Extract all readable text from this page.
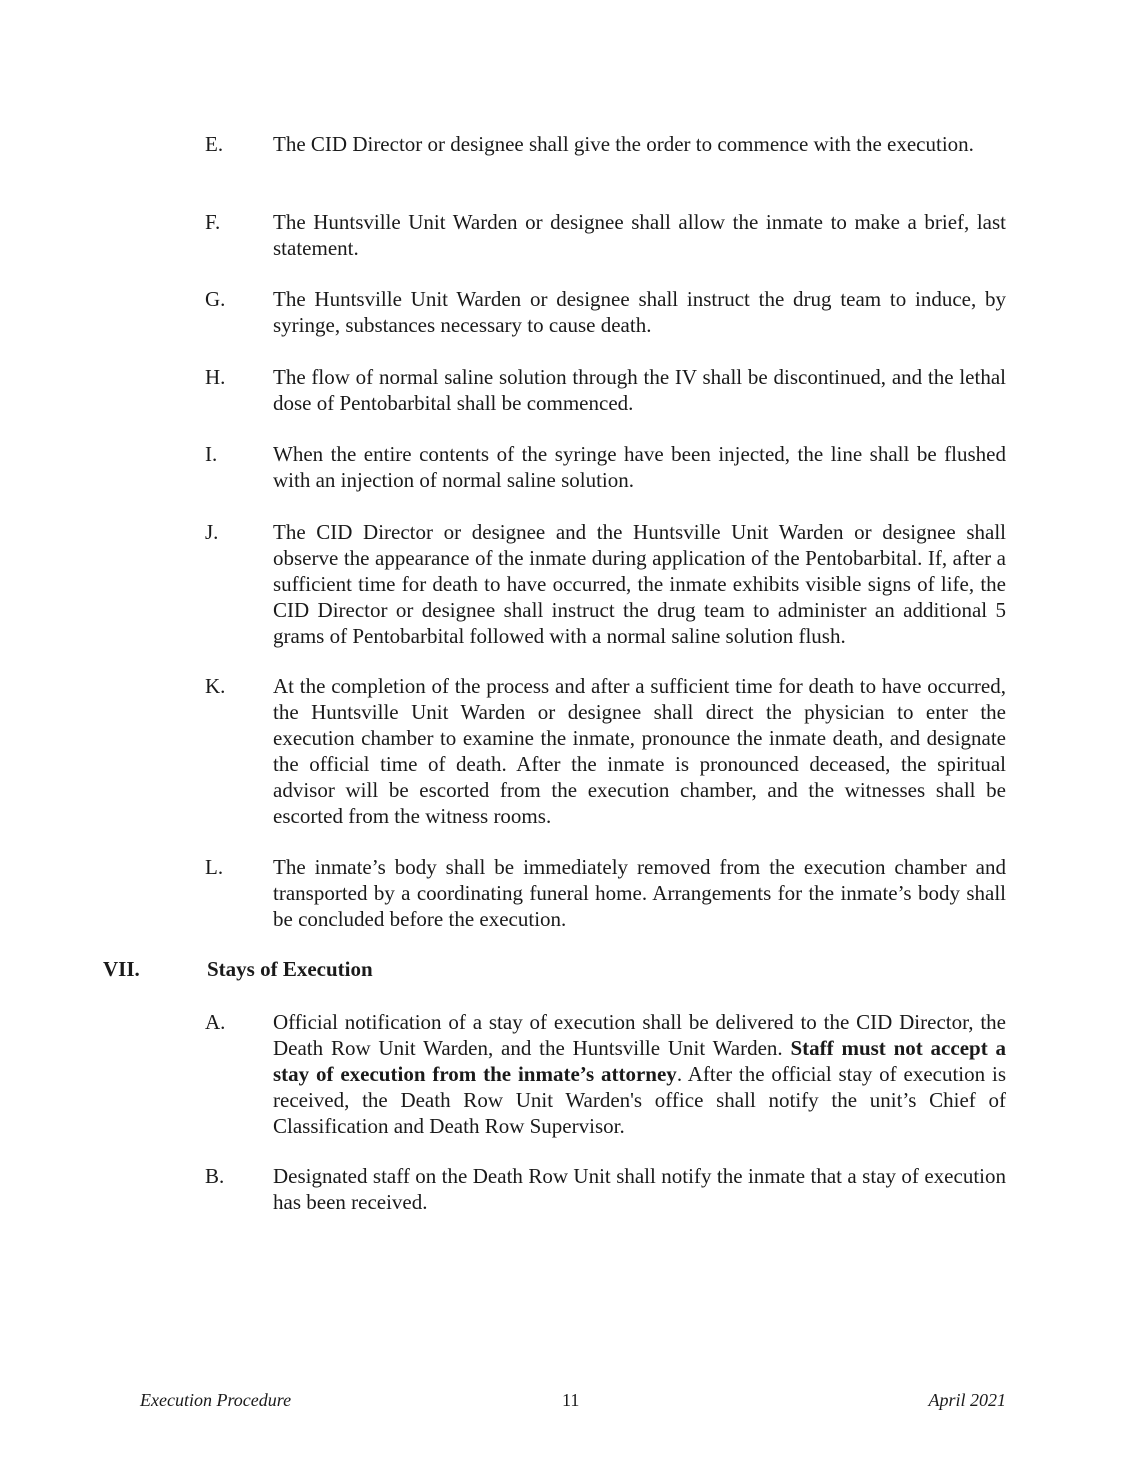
E. The CID Director or designee shall give the order to commence with the execution.
F.	The Huntsville Unit Warden or designee shall allow the inmate to make a brief, last statement.
G. The Huntsville Unit Warden or designee shall instruct the drug team to induce, by syringe, substances necessary to cause death.
H. The flow of normal saline solution through the IV shall be discontinued, and the lethal dose of Pentobarbital shall be commenced.
I.	When the entire contents of the syringe have been injected, the line shall be flushed with an injection of normal saline solution.
J.	The CID Director or designee and the Huntsville Unit Warden or designee shall observe the appearance of the inmate during application of the Pentobarbital. If, after a sufficient time for death to have occurred, the inmate exhibits visible signs of life, the CID Director or designee shall instruct the drug team to administer an additional 5 grams of Pentobarbital followed with a normal saline solution flush.
K. At the completion of the process and after a sufficient time for death to have occurred, the Huntsville Unit Warden or designee shall direct the physician to enter the execution chamber to examine the inmate, pronounce the inmate death, and designate the official time of death. After the inmate is pronounced deceased, the spiritual advisor will be escorted from the execution chamber, and the witnesses shall be escorted from the witness rooms.
L. The inmate’s body shall be immediately removed from the execution chamber and transported by a coordinating funeral home. Arrangements for the inmate’s body shall be concluded before the execution.
VII.	Stays of Execution
A. Official notification of a stay of execution shall be delivered to the CID Director, the Death Row Unit Warden, and the Huntsville Unit Warden. Staff must not accept a stay of execution from the inmate’s attorney. After the official stay of execution is received, the Death Row Unit Warden's office shall notify the unit’s Chief of Classification and Death Row Supervisor.
B. Designated staff on the Death Row Unit shall notify the inmate that a stay of execution has been received.
Execution Procedure	11	April 2021
